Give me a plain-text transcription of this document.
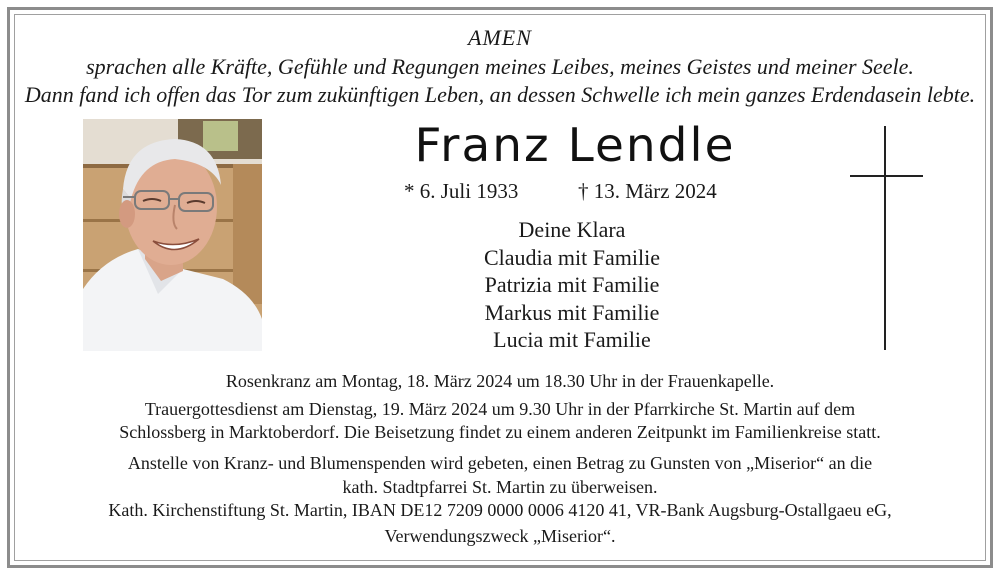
AMEN
sprachen alle Kräfte, Gefühle und Regungen meines Leibes, meines Geistes und meiner Seele.
Dann fand ich offen das Tor zum zukünftigen Leben, an dessen Schwelle ich mein ganzes Erdendasein lebte.
Franz Lendle
* 6. Juli 1933	† 13. März 2024
Deine Klara
Claudia mit Familie
Patrizia mit Familie
Markus mit Familie
Lucia mit Familie
Rosenkranz am Montag, 18. März 2024 um 18.30 Uhr in der Frauenkapelle.
Trauergottesdienst am Dienstag, 19. März 2024 um 9.30 Uhr in der Pfarrkirche St. Martin auf dem
Schlossberg in Marktoberdorf. Die Beisetzung findet zu einem anderen Zeitpunkt im Familienkreise statt.
Anstelle von Kranz- und Blumenspenden wird gebeten, einen Betrag zu Gunsten von „Miserior“ an die
kath. Stadtpfarrei St. Martin zu überweisen.
Kath. Kirchenstiftung St. Martin, IBAN DE12 7209 0000 0006 4120 41, VR-Bank Augsburg-Ostallgaeu eG,
Verwendungszweck „Miserior“.
